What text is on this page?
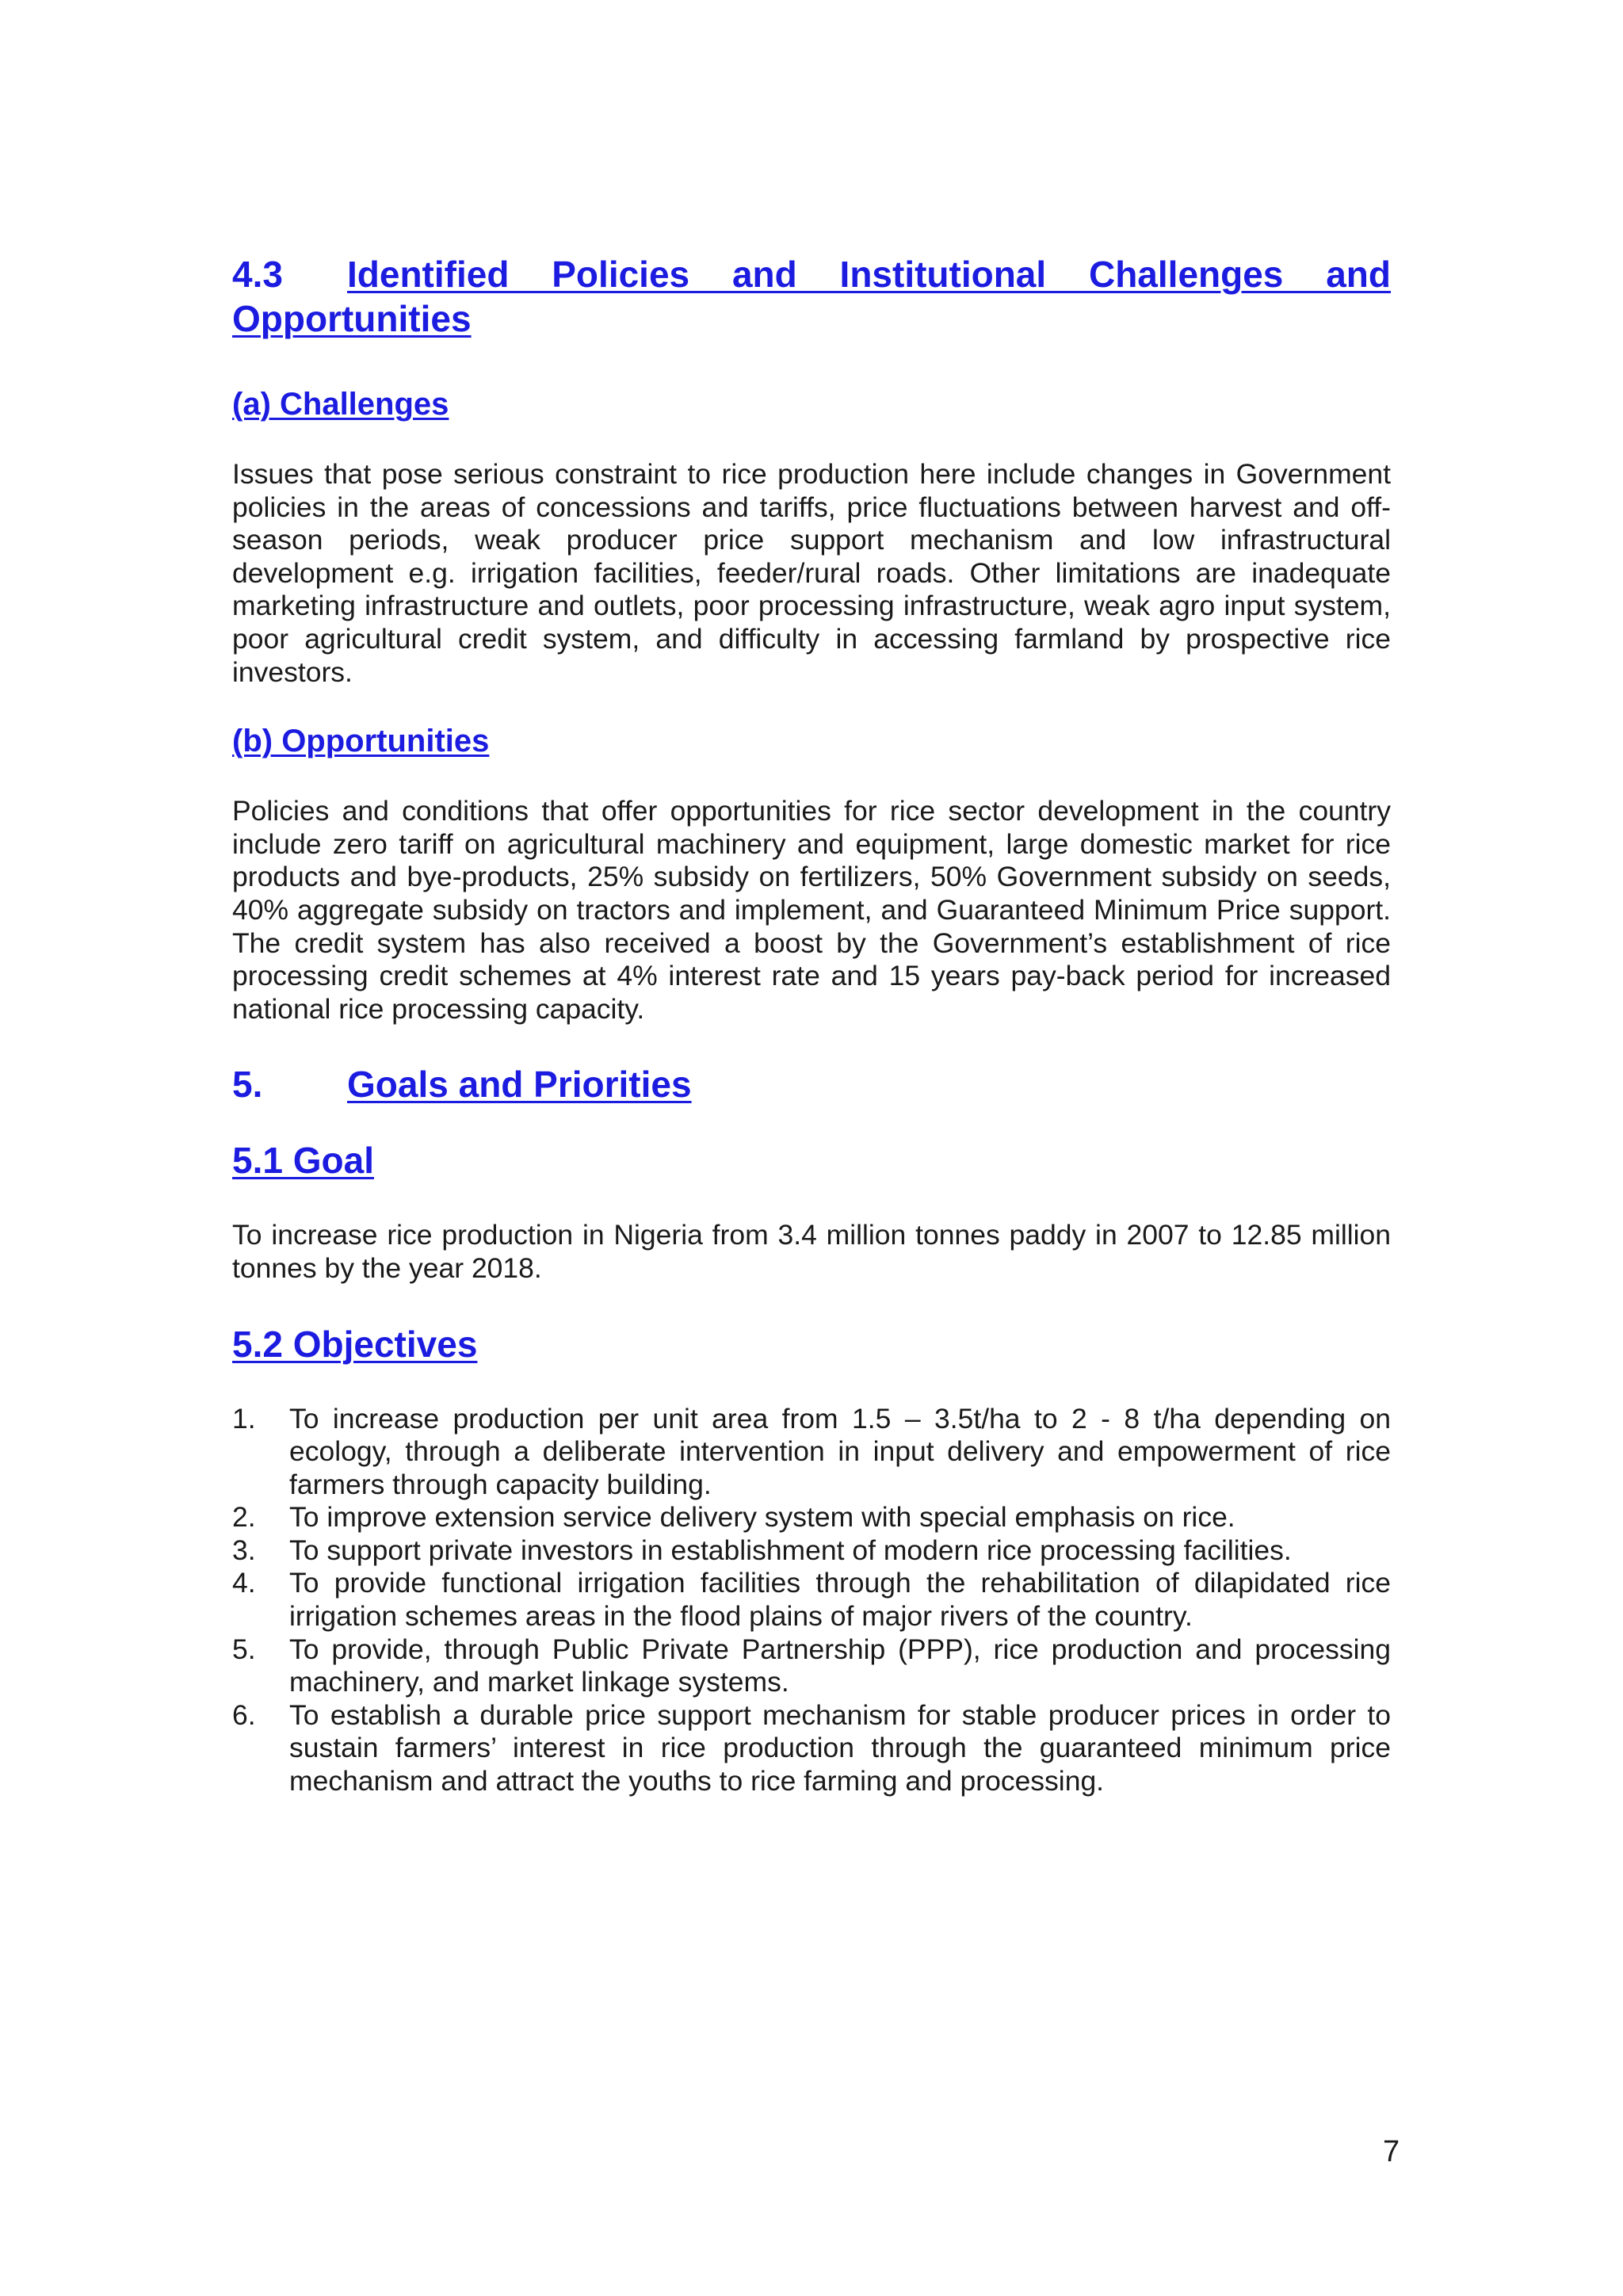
4.3 Identified Policies and Institutional Challenges and Opportunities
(a) Challenges

Issues that pose serious constraint to rice production here include changes in Government policies in the areas of concessions and tariffs, price fluctuations between harvest and off-season periods, weak producer price support mechanism and low infrastructural development e.g. irrigation facilities, feeder/rural roads. Other limitations are inadequate marketing infrastructure and outlets, poor processing infrastructure, weak agro input system, poor agricultural credit system, and difficulty in accessing farmland by prospective rice investors.

(b) Opportunities

Policies and conditions that offer opportunities for rice sector development in the country include zero tariff on agricultural machinery and equipment, large domestic market for rice products and bye-products, 25% subsidy on fertilizers, 50% Government subsidy on seeds, 40% aggregate subsidy on tractors and implement, and Guaranteed Minimum Price support. The credit system has also received a boost by the Government’s establishment of rice processing credit schemes at 4% interest rate and 15 years pay-back period for increased national rice processing capacity.

5. Goals and Priorities
5.1 Goal

To increase rice production in Nigeria from 3.4 million tonnes paddy in 2007 to 12.85 million tonnes by the year 2018.

5.2 Objectives
1. To increase production per unit area from 1.5 – 3.5t/ha to 2 - 8 t/ha depending on ecology, through a deliberate intervention in input delivery and empowerment of rice farmers through capacity building.
2. To improve extension service delivery system with special emphasis on rice.
3. To support private investors in establishment of modern rice processing facilities.
4. To provide functional irrigation facilities through the rehabilitation of dilapidated rice irrigation schemes areas in the flood plains of major rivers of the country.
5. To provide, through Public Private Partnership (PPP), rice production and processing machinery, and market linkage systems.
6. To establish a durable price support mechanism for stable producer prices in order to sustain farmers’ interest in rice production through the guaranteed minimum price mechanism and attract the youths to rice farming and processing.
7
